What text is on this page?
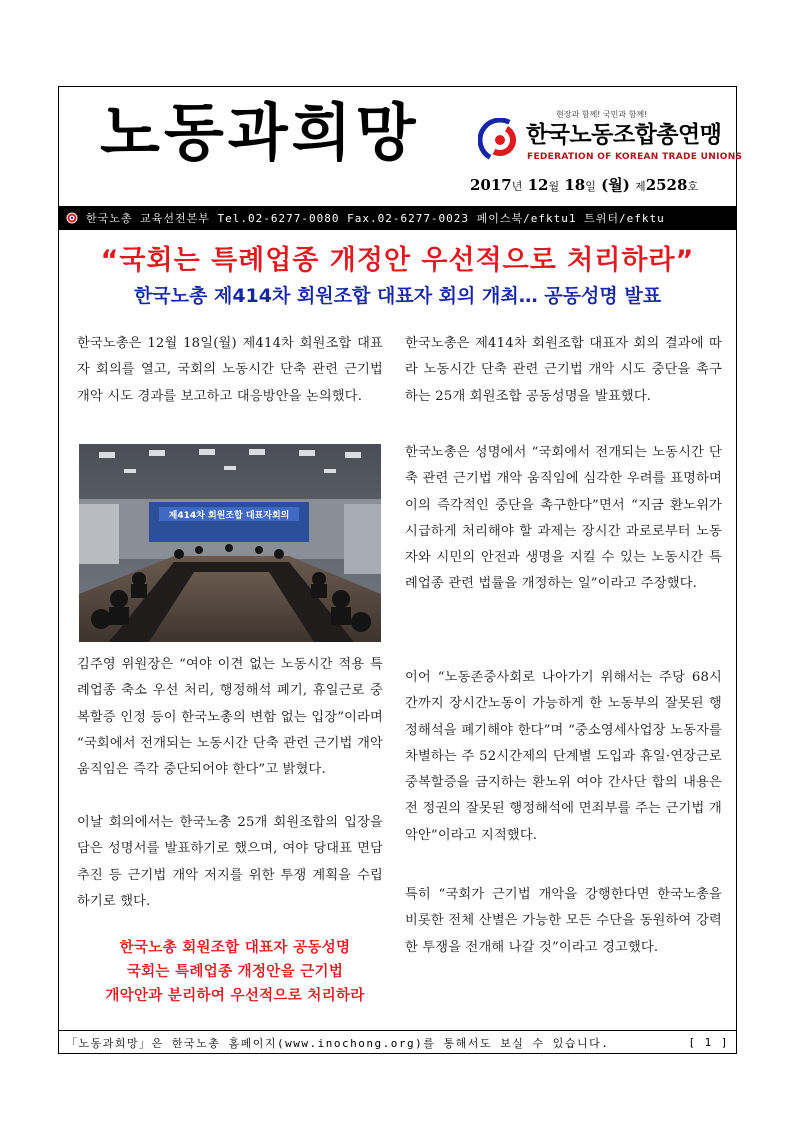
노동과희망	현장과 함께! 국민과 함께!
한국노동조합총연맹
FEDERATION OF KOREAN TRADE UNIONS
2017년 12월 18일 (월) 제2528호
한국노총 교육선전본부 Tel.02-6277-0080 Fax.02-6277-0023 페이스북/efktu1 트위터/efktu
“국회는 특례업종 개정안 우선적으로 처리하라”
한국노총 제414차 회원조합 대표자 회의 개최… 공동성명 발표

한국노총은 12월 18일(월) 제414차 회원조합 대표자 회의를 열고, 국회의 노동시간 단축 관련 근기법 개악 시도 경과를 보고하고 대응방안을 논의했다.

제414차 회원조합 대표자회의

김주영 위원장은 “여야 이견 없는 노동시간 적용 특례업종 축소 우선 처리, 행정해석 폐기, 휴일근로 중복할증 인정 등이 한국노총의 변함 없는 입장”이라며 “국회에서 전개되는 노동시간 단축 관련 근기법 개악 움직임은 즉각 중단되어야 한다”고 밝혔다.

이날 회의에서는 한국노총 25개 회원조합의 입장을 담은 성명서를 발표하기로 했으며, 여야 당대표 면담 추진 등 근기법 개악 저지를 위한 투쟁 계획을 수립하기로 했다.

한국노총 회원조합 대표자 공동성명
국회는 특례업종 개정안을 근기법
개악안과 분리하여 우선적으로 처리하라

한국노총은 제414차 회원조합 대표자 회의 결과에 따라 노동시간 단축 관련 근기법 개악 시도 중단을 촉구하는 25개 회원조합 공동성명을 발표했다.

한국노총은 성명에서 “국회에서 전개되는 노동시간 단축 관련 근기법 개악 움직임에 심각한 우려를 표명하며 이의 즉각적인 중단을 촉구한다”면서 “지금 환노위가 시급하게 처리해야 할 과제는 장시간 과로로부터 노동자와 시민의 안전과 생명을 지킬 수 있는 노동시간 특례업종 관련 법률을 개정하는 일”이라고 주장했다.

이어 “노동존중사회로 나아가기 위해서는 주당 68시간까지 장시간노동이 가능하게 한 노동부의 잘못된 행정해석을 폐기해야 한다”며 “중소영세사업장 노동자를 차별하는 주 52시간제의 단계별 도입과 휴일·연장근로 중복할증을 금지하는 환노위 여야 간사단 합의 내용은 전 정권의 잘못된 행정해석에 면죄부를 주는 근기법 개악안”이라고 지적했다.

특히 “국회가 근기법 개악을 강행한다면 한국노총을 비롯한 전체 산별은 가능한 모든 수단을 동원하여 강력한 투쟁을 전개해 나갈 것”이라고 경고했다.

「노동과희망」은 한국노총 홈페이지(www.inochong.org)를 통해서도 보실 수 있습니다.	[ 1 ]
